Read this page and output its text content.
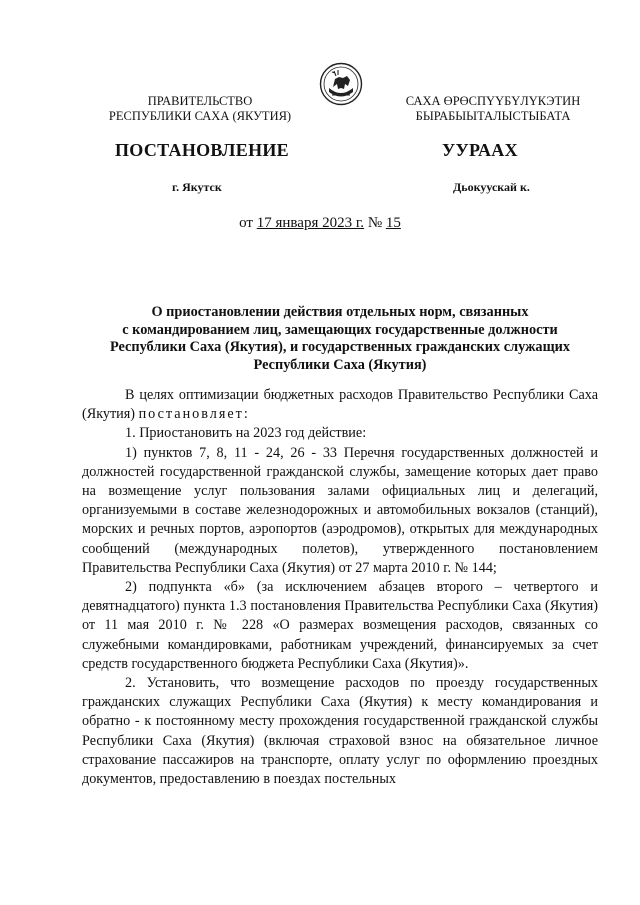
ПРАВИТЕЛЬСТВО
РЕСПУБЛИКИ САХА (ЯКУТИЯ)
САХА ӨРӨСПҮҮБҮЛҮКЭТИН
БЫРАБЫЫТАЛЫСТЫБАТА
ПОСТАНОВЛЕНИЕ	УУРААХ
г. Якутск	Дьокуускай к.
от 17 января 2023 г. № 15
О приостановлении действия отдельных норм, связанных
с командированием лиц, замещающих государственные должности
Республики Саха (Якутия), и государственных гражданских служащих
Республики Саха (Якутия)

В целях оптимизации бюджетных расходов Правительство Республики Саха (Якутия) постановляет:

1. Приостановить на 2023 год действие:

1) пунктов 7, 8, 11 - 24, 26 - 33 Перечня государственных должностей и должностей государственной гражданской службы, замещение которых дает право на возмещение услуг пользования залами официальных лиц и делегаций, организуемыми в составе железнодорожных и автомобильных вокзалов (станций), морских и речных портов, аэропортов (аэродромов), открытых для международных сообщений (международных полетов), утвержденного постановлением Правительства Республики Саха (Якутия) от 27 марта 2010 г. № 144;

2) подпункта «б» (за исключением абзацев второго – четвертого и девятнадцатого) пункта 1.3 постановления Правительства Республики Саха (Якутия) от 11 мая 2010 г. № 228 «О размерах возмещения расходов, связанных со служебными командировками, работникам учреждений, финансируемых за счет средств государственного бюджета Республики Саха (Якутия)».

2. Установить, что возмещение расходов по проезду государственных гражданских служащих Республики Саха (Якутия) к месту командирования и обратно - к постоянному месту прохождения государственной гражданской службы Республики Саха (Якутия) (включая страховой взнос на обязательное личное страхование пассажиров на транспорте, оплату услуг по оформлению проездных документов, предоставлению в поездах постельных
